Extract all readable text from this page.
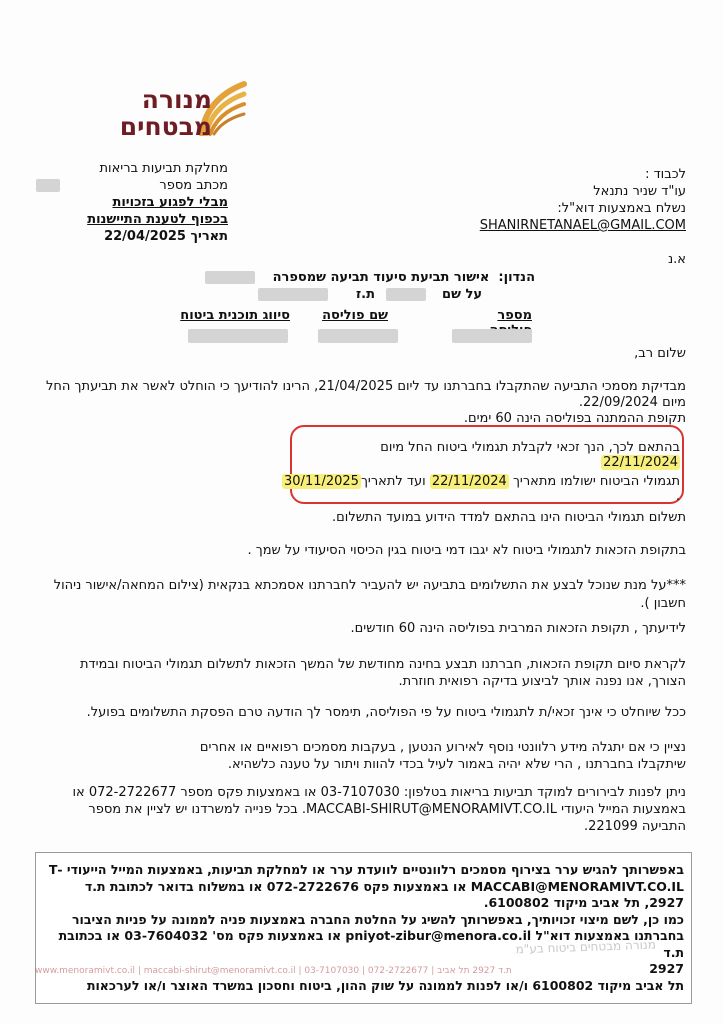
מנורה
מבטחים
מחלקת תביעות בריאות
מכתב מספר
מבלי לפגוע בזכויות
בכפוף לטענת התיישנות
תאריך 22/04/2025
לכבוד :
עו"ד שניר נתנאל
נשלח באמצעות דוא"ל:
SHANIRNETANAEL@GMAIL.COM
א.נ
הנדון:  אישור תביעת סיעוד תביעה שמספרה
על שם
ת.ז
מספר
שם פוליסה
סיווג תוכנית ביטוח
שלום רב,
מבדיקת מסמכי התביעה שהתקבלו בחברתנו עד ליום 21/04/2025, הרינו להודיעך כי הוחלט לאשר את תביעתך החל
מיום 22/09/2024.
תקופת ההמתנה בפוליסה הינה 60 ימים.
בהתאם לכך, הנך זכאי לקבלת תגמולי ביטוח החל מיום 22/11/2024
תגמולי הביטוח ישולמו מתאריך 22/11/2024 ועד לתאריך30/11/2025 .
תשלום תגמולי הביטוח הינו בהתאם למדד הידוע במועד התשלום.
בתקופת הזכאות לתגמולי ביטוח לא יגבו דמי ביטוח בגין הכיסוי הסיעודי על שמך .
***על מנת שנוכל לבצע את התשלומים בתביעה יש להעביר לחברתנו אסמכתא בנקאית (צילום המחאה/אישור ניהול
חשבון ).
לידיעתך , תקופת הזכאות המרבית בפוליסה הינה 60 חודשים.
לקראת סיום תקופת הזכאות, חברתנו תבצע בחינה מחודשת של המשך הזכאות לתשלום תגמולי הביטוח ובמידת
הצורך, אנו נפנה אותך לביצוע בדיקה רפואית חוזרת.
ככל שיוחלט כי אינך זכאי/ת לתגמולי ביטוח על פי הפוליסה, תימסר לך הודעה טרם הפסקת התשלומים בפועל.
נציין כי אם יתגלה מידע רלוונטי נוסף לאירוע הנטען , בעקבות מסמכים רפואיים או אחרים
שיתקבלו בחברתנו , הרי שלא יהיה באמור לעיל בכדי להוות ויתור על טענה כלשהיא.
ניתן לפנות לבירורים למוקד תביעות בריאות בטלפון: 03-7107030 או באמצעות פקס מספר 072-2722677 או
באמצעות המייל היעודי MACCABI-SHIRUT@MENORAMIVT.CO.IL. בכל פנייה למשרדנו יש לציין את מספר
התביעה 221099.
מנורה מבטחים ביטוח בע"מ
www.menoramivt.co.il | maccabi-shirut@menoramivt.co.il | 03-7107030 | 072-2722677 | ת.ד 2927 תל אביב
באפשרותך להגיש ערר בצירוף מסמכים רלוונטיים לוועדת ערר או למחלקת תביעות, באמצעות המייל הייעודי -T
MACCABI@MENORAMIVT.CO.IL או באמצעות פקס 072-2722676 או במשלוח בדואר לכתובת ת.ד
2927, תל אביב מיקוד 6100802.
כמו כן, לשם מיצוי זכויותיך, באפשרותך להשיג על החלטת החברה באמצעות פניה לממונה על פניות הציבור
בחברתנו באמצעות דוא"ל pniyot-zibur@menora.co.il או באמצעות פקס מס' 03-7604032 או בכתובת ת.ד
2927
תל אביב מיקוד 6100802 ו/או לפנות לממונה על שוק ההון, ביטוח וחסכון במשרד האוצר ו/או לערכאות
